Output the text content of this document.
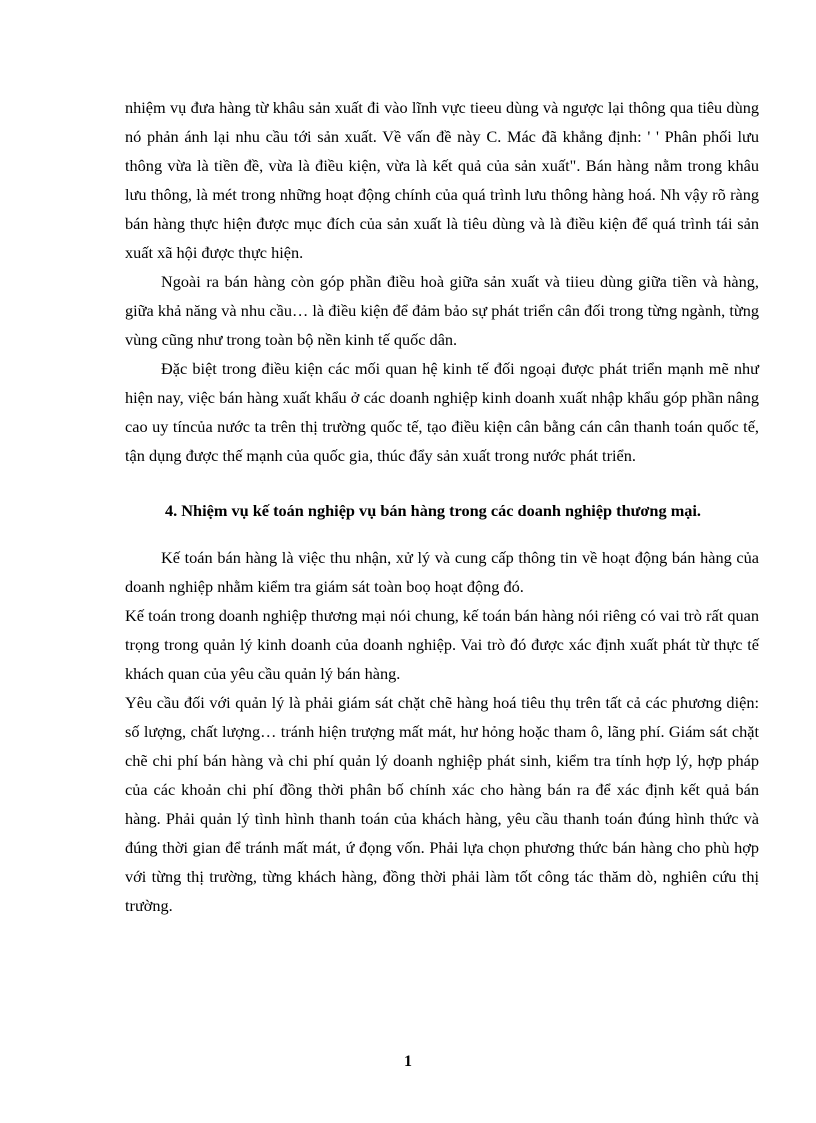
nhiệm vụ đưa hàng từ khâu sản xuất đi vào lĩnh vực tieeu dùng và ngược lại thông qua tiêu dùng nó phản ánh lại nhu cầu tới sản xuất. Về vấn đề này C. Mác đã khẳng định: ' ' Phân phối lưu thông vừa là tiền đề, vừa là điều kiện, vừa là kết quả của sản xuất". Bán hàng nằm trong khâu lưu thông, là mét trong những hoạt động chính của quá trình lưu thông hàng hoá. Nh vậy rõ ràng bán hàng thực hiện được mục đích của sản xuất là tiêu dùng và là điều kiện để quá trình tái sản xuất xã hội được thực hiện.

Ngoài ra bán hàng còn góp phần điều hoà giữa sản xuất và tiieu dùng giữa tiền và hàng, giữa khả năng và nhu cầu… là điều kiện để đảm bảo sự phát triển cân đối trong từng ngành, từng vùng cũng như trong toàn bộ nền kinh tế quốc dân.

Đặc biệt trong điều kiện các mối quan hệ kinh tế đối ngoại được phát triển mạnh mẽ như hiện nay, việc bán hàng xuất khẩu ở các doanh nghiệp kinh doanh xuất nhập khẩu góp phần nâng cao uy tíncủa nước ta trên thị trường quốc tế, tạo điều kiện cân bằng cán cân thanh toán quốc tế, tận dụng được thế mạnh của quốc gia, thúc đẩy sản xuất trong nước phát triển.

4. Nhiệm vụ kế toán nghiệp vụ bán hàng trong các doanh nghiệp thương mại.

Kế toán bán hàng là việc thu nhận, xử lý và cung cấp thông tin về hoạt động bán hàng của doanh nghiệp nhằm kiểm tra giám sát toàn boọ hoạt động đó.

Kế toán trong doanh nghiệp thương mại nói chung, kế toán bán hàng nói riêng có vai trò rất quan trọng trong quản lý kinh doanh của doanh nghiệp. Vai trò đó được xác định xuất phát từ thực tế khách quan của yêu cầu quản lý bán hàng.

Yêu cầu đối với quản lý là phải giám sát chặt chẽ hàng hoá tiêu thụ trên tất cả các phương diện: số lượng, chất lượng… tránh hiện trượng mất mát, hư hỏng hoặc tham ô, lãng phí. Giám sát chặt chẽ chi phí bán hàng và chi phí quản lý doanh nghiệp phát sinh, kiểm tra tính hợp lý, hợp pháp của các khoản chi phí đồng thời phân bố chính xác cho hàng bán ra để xác định kết quả bán hàng. Phải quản lý tình hình thanh toán của khách hàng, yêu cầu thanh toán đúng hình thức và đúng thời gian để tránh mất mát, ứ đọng vốn. Phải lựa chọn phương thức bán hàng cho phù hợp với từng thị trường, từng khách hàng, đồng thời phải làm tốt công tác thăm dò, nghiên cứu thị trường.

1
